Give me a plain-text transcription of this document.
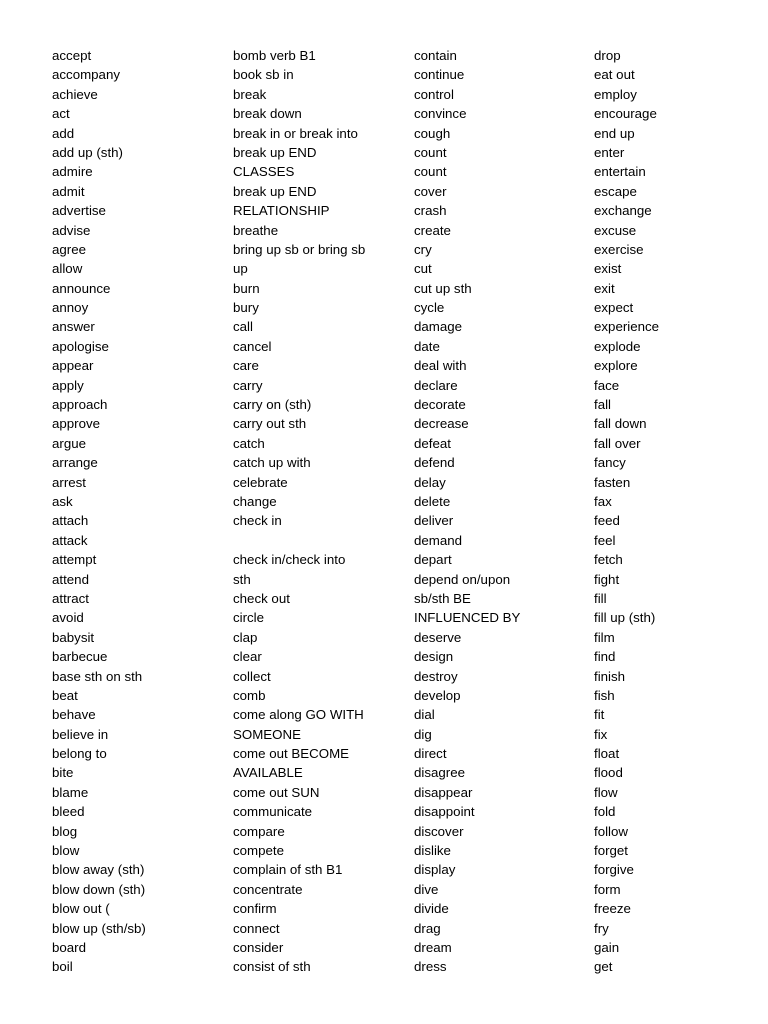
accept
accompany
achieve
act
add
add up (sth)
admire
admit
advertise
advise
agree
allow
announce
annoy
answer
apologise
appear
apply
approach
approve
argue
arrange
arrest
ask
attach
attack
attempt
attend
attract
avoid
babysit
barbecue
base sth on sth
beat
behave
believe in
belong to
bite
blame
bleed
blog
blow
blow away (sth)
blow down (sth)
blow out (
blow up (sth/sb)
board
boil
bomb verb B1
book sb in
break
break down
break in or break into
break up END
CLASSES
break up END
RELATIONSHIP
breathe
bring up sb or bring sb
up
burn
bury
call
cancel
care
carry
carry on (sth)
carry out sth
catch
catch up with
celebrate
change
check in
check in/check into
sth
check out
circle
clap
clear
collect
comb
come along GO WITH
SOMEONE
come out BECOME
AVAILABLE
come out SUN
communicate
compare
compete
complain of sth B1
concentrate
confirm
connect
consider
consist of sth
contain
continue
control
convince
cough
count
count
cover
crash
create
cry
cut
cut up sth
cycle
damage
date
deal with
declare
decorate
decrease
defeat
defend
delay
delete
deliver
demand
depart
depend on/upon
sb/sth BE
INFLUENCED BY
deserve
design
destroy
develop
dial
dig
direct
disagree
disappear
disappoint
discover
dislike
display
dive
divide
drag
dream
dress
drop
eat out
employ
encourage
end up
enter
entertain
escape
exchange
excuse
exercise
exist
exit
expect
experience
explode
explore
face
fall
fall down
fall over
fancy
fasten
fax
feed
feel
fetch
fight
fill
fill up (sth)
film
find
finish
fish
fit
fix
float
flood
flow
fold
follow
forget
forgive
form
freeze
fry
gain
get
